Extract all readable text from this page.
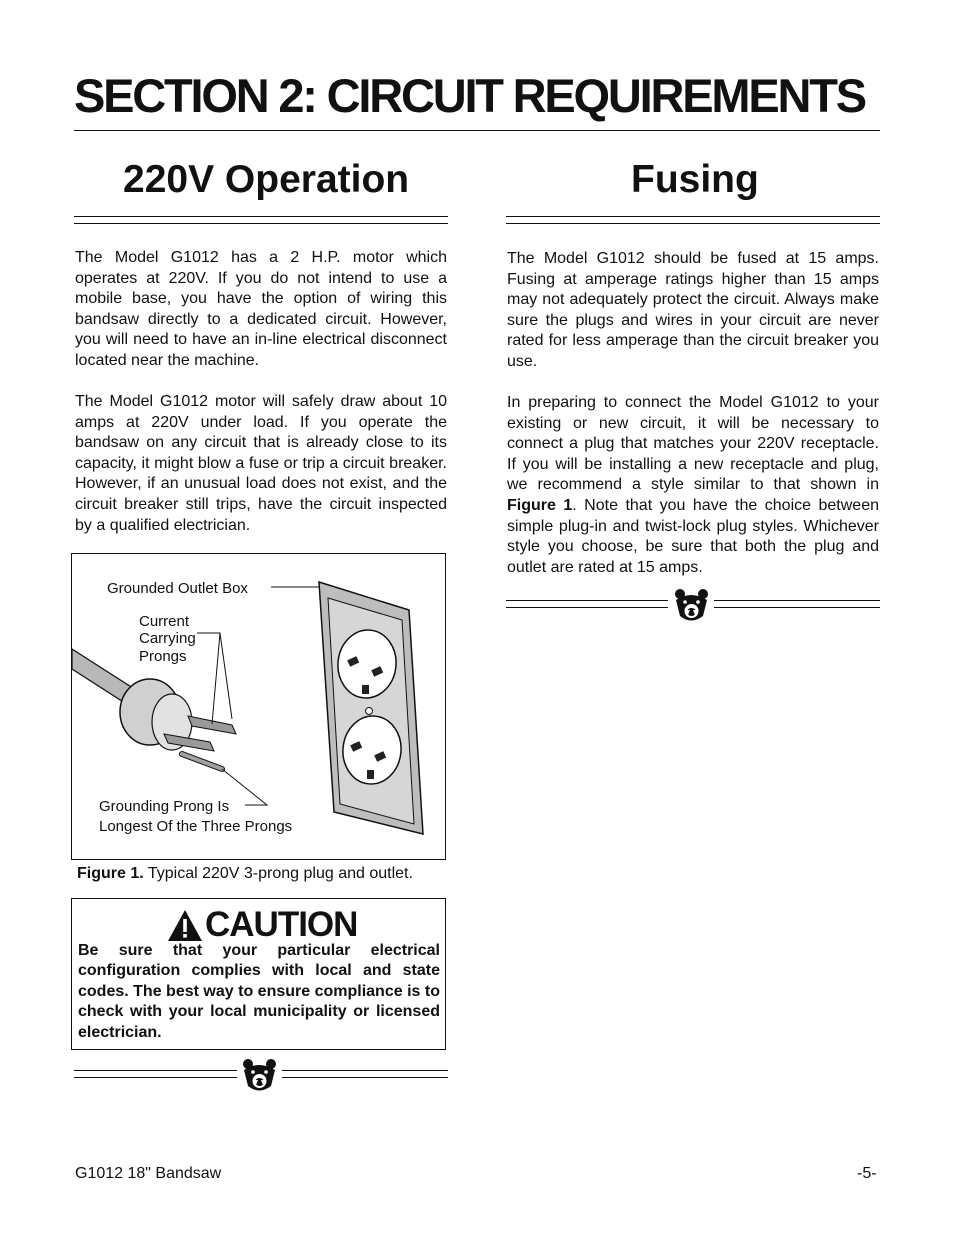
SECTION 2: CIRCUIT REQUIREMENTS
220V Operation

The Model G1012 has a 2 H.P. motor which operates at 220V. If you do not intend to use a mobile base, you have the option of wiring this bandsaw directly to a dedicated circuit. However, you will need to have an in-line electrical disconnect located near the machine.

The Model G1012 motor will safely draw about 10 amps at 220V under load. If you operate the bandsaw on any circuit that is already close to its capacity, it might blow a fuse or trip a circuit breaker. However, if an unusual load does not exist, and the circuit breaker still trips, have the circuit inspected by a qualified electrician.

Grounded Outlet Box
Current
Carrying
Prongs
Grounding Prong Is
Longest Of the Three Prongs
Figure 1. Typical 220V 3-prong plug and outlet.
CAUTION

Be sure that your particular electrical configuration complies with local and state codes. The best way to ensure compliance is to check with your local municipality or licensed electrician.

Fusing

The Model G1012 should be fused at 15 amps. Fusing at amperage ratings higher than 15 amps may not adequately protect the circuit. Always make sure the plugs and wires in your circuit are never rated for less amperage than the circuit breaker you use.

In preparing to connect the Model G1012 to your existing or new circuit, it will be necessary to connect a plug that matches your 220V receptacle. If you will be installing a new receptacle and plug, we recommend a style similar to that shown in Figure 1. Note that you have the choice between simple plug-in and twist-lock plug styles. Whichever style you choose, be sure that both the plug and outlet are rated at 15 amps.

G1012 18" Bandsaw	-5-
